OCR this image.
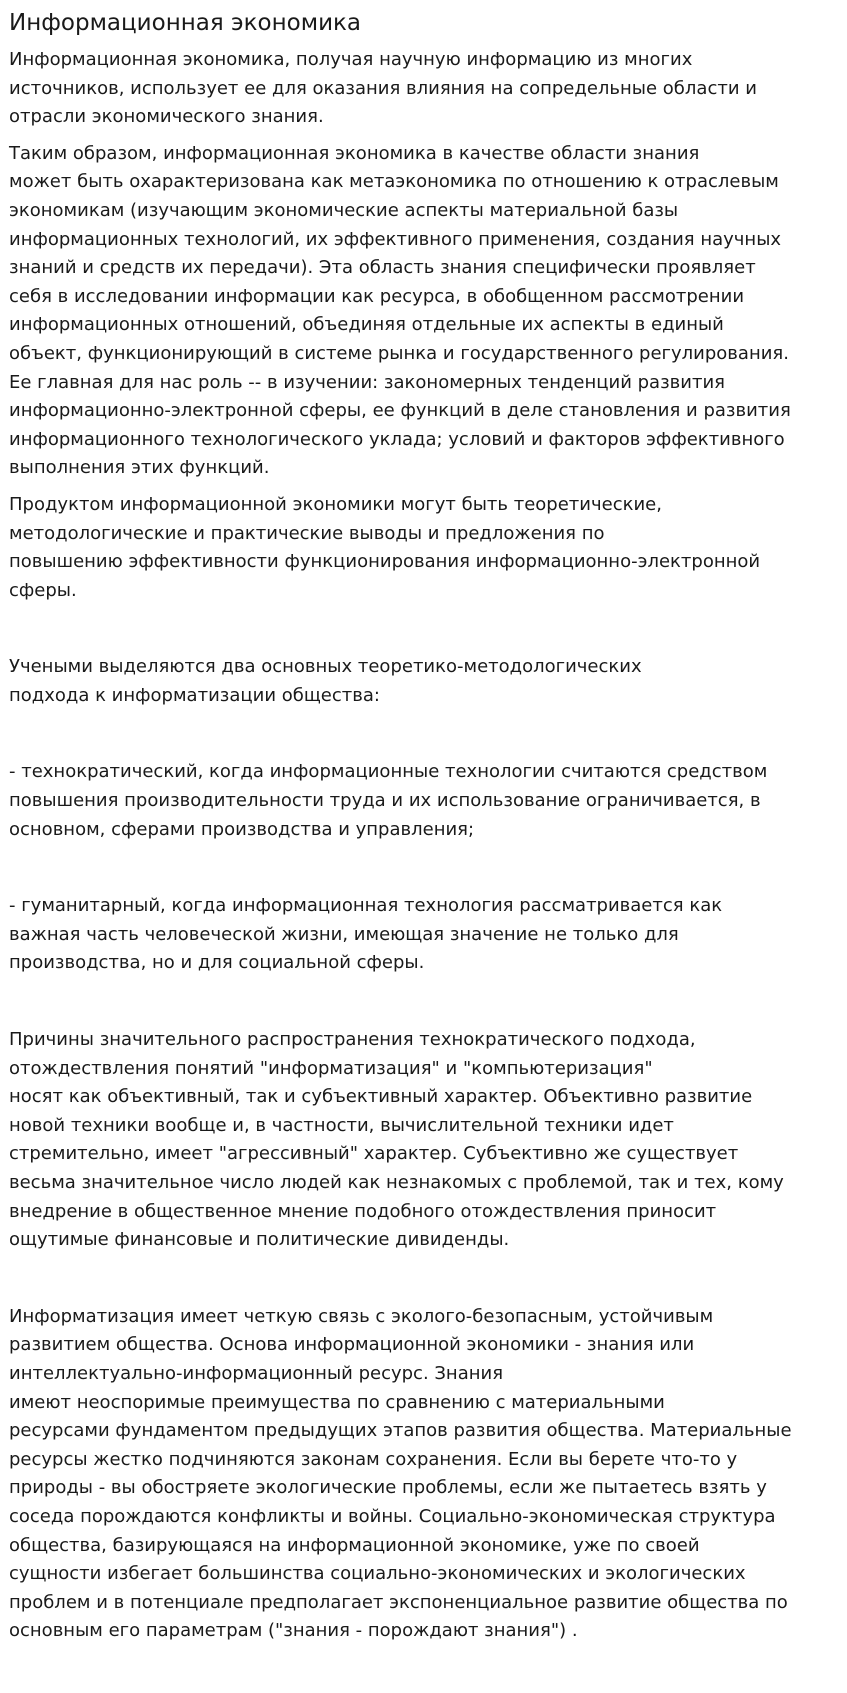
Информационная экономика

Информационная экономика, получая научную информацию из многих
источников, использует ее для оказания влияния на сопредельные области и
отрасли экономического знания.

Таким образом, информационная экономика в качестве области знания
может быть охарактеризована как метаэкономика по отношению к отраслевым
экономикам (изучающим экономические аспекты материальной базы
информационных технологий, их эффективного применения, создания научных
знаний и средств их передачи). Эта область знания специфически проявляет
себя в исследовании информации как ресурса, в обобщенном рассмотрении
информационных отношений, объединяя отдельные их аспекты в единый
объект, функционирующий в системе рынка и государственного регулирования.
Ее главная для нас роль -- в изучении: закономерных тенденций развития
информационно-электронной сферы, ее функций в деле становления и развития
информационного технологического уклада; условий и факторов эффективного
выполнения этих функций.

Продуктом информационной экономики могут быть теоретические,
методологические и практические выводы и предложения по
повышению эффективности функционирования информационно-электронной
сферы.

Учеными выделяются два основных теоретико-методологических
подхода к информатизации общества:

- технократический, когда информационные технологии считаются средством
повышения производительности труда и их использование ограничивается, в
основном, сферами производства и управления;

- гуманитарный, когда информационная технология рассматривается как
важная часть человеческой жизни, имеющая значение не только для
производства, но и для социальной сферы.

Причины значительного распространения технократического подхода,
отождествления понятий "информатизация" и "компьютеризация"
носят как объективный, так и субъективный характер. Объективно развитие
новой техники вообще и, в частности, вычислительной техники идет
стремительно, имеет "агрессивный" характер. Субъективно же существует
весьма значительное число людей как незнакомых с проблемой, так и тех, кому
внедрение в общественное мнение подобного отождествления приносит
ощутимые финансовые и политические дивиденды.

Информатизация имеет четкую связь с эколого-безопасным, устойчивым
развитием общества. Основа информационной экономики - знания или
интеллектуально-информационный ресурс. Знания
имеют неоспоримые преимущества по сравнению с материальными
ресурсами фундаментом предыдущих этапов развития общества. Материальные
ресурсы жестко подчиняются законам сохранения. Если вы берете что-то у
природы - вы обостряете экологические проблемы, если же пытаетесь взять у
соседа порождаются конфликты и войны. Социально-экономическая структура
общества, базирующаяся на информационной экономике, уже по своей
сущности избегает большинства социально-экономических и экологических
проблем и в потенциале предполагает экспоненциальное развитие общества по
основным его параметрам ("знания - порождают знания") .
